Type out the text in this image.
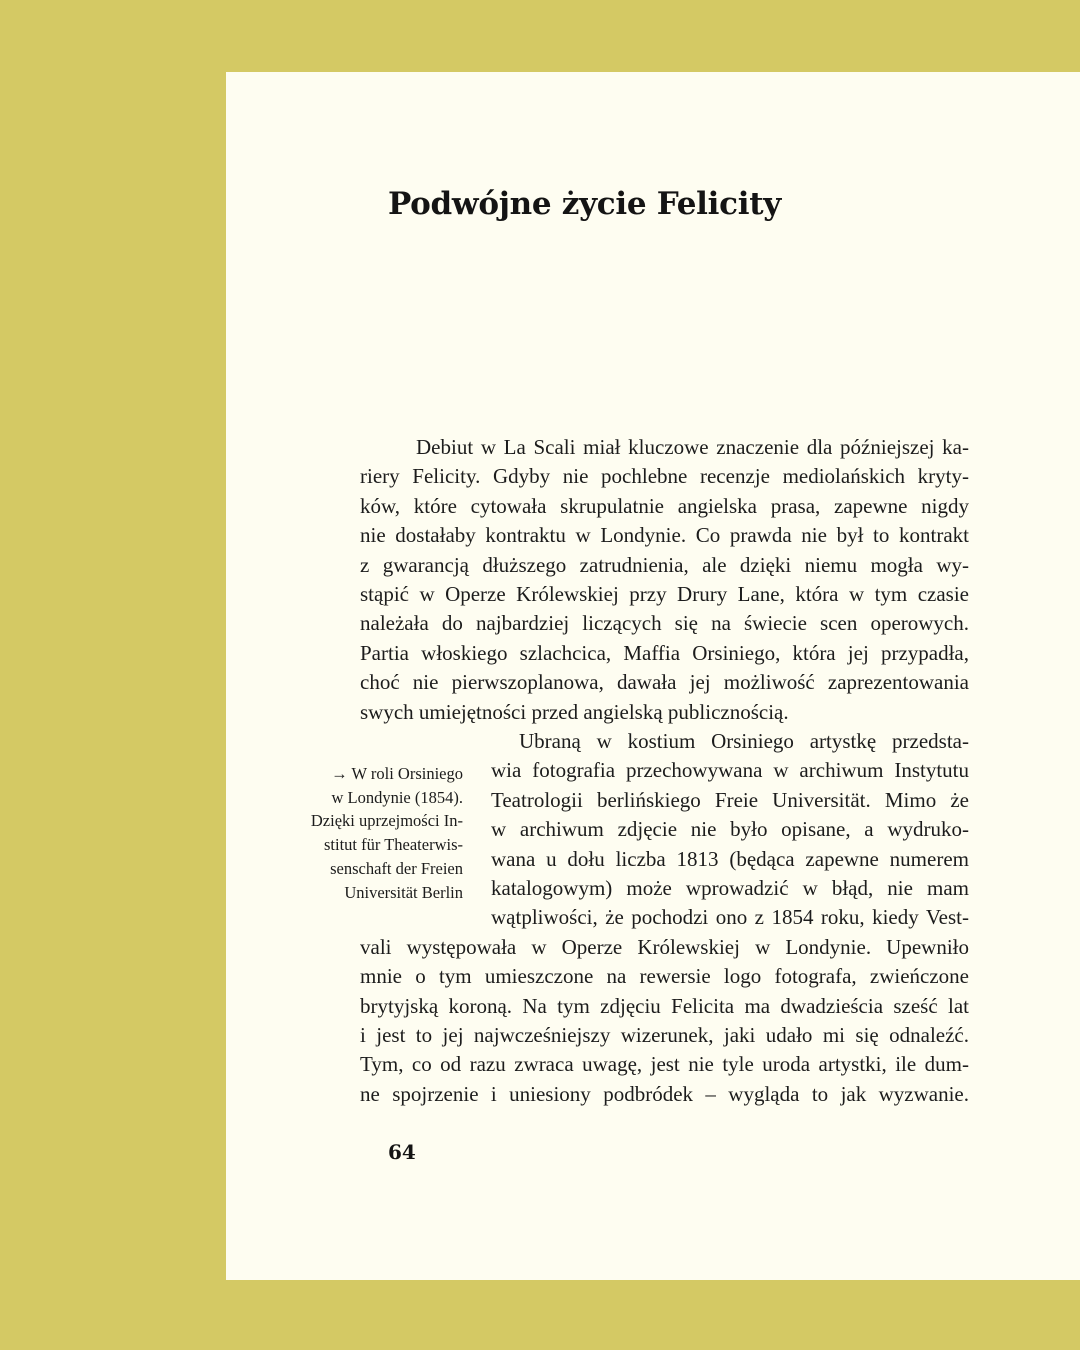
Podwójne życie Felicity
Debiut w La Scali miał kluczowe znaczenie dla późniejszej ka-
riery Felicity. Gdyby nie pochlebne recenzje mediolańskich kryty-
ków, które cytowała skrupulatnie angielska prasa, zapewne nigdy
nie dostałaby kontraktu w Londynie. Co prawda nie był to kontrakt
z gwarancją dłuższego zatrudnienia, ale dzięki niemu mogła wy-
stąpić w Operze Królewskiej przy Drury Lane, która w tym czasie
należała do najbardziej liczących się na świecie scen operowych.
Partia włoskiego szlachcica, Maffia Orsiniego, która jej przypadła,
choć nie pierwszoplanowa, dawała jej możliwość zaprezentowania
swych umiejętności przed angielską publicznością.
→ W roli Orsiniego
w Londynie (1854).
Dzięki uprzejmości In-
stitut für Theaterwis-
senschaft der Freien
Universität Berlin
Ubraną w kostium Orsiniego artystkę przedsta-
wia fotografia przechowywana w archiwum Instytutu
Teatrologii berlińskiego Freie Universität. Mimo że
w archiwum zdjęcie nie było opisane, a wydruko-
wana u dołu liczba 1813 (będąca zapewne numerem
katalogowym) może wprowadzić w błąd, nie mam
wątpliwości, że pochodzi ono z 1854 roku, kiedy Vest-
vali występowała w Operze Królewskiej w Londynie. Upewniło
mnie o tym umieszczone na rewersie logo fotografa, zwieńczone
brytyjską koroną. Na tym zdjęciu Felicita ma dwadzieścia sześć lat
i jest to jej najwcześniejszy wizerunek, jaki udało mi się odnaleźć.
Tym, co od razu zwraca uwagę, jest nie tyle uroda artystki, ile dum-
ne spojrzenie i uniesiony podbródek – wygląda to jak wyzwanie.
64
